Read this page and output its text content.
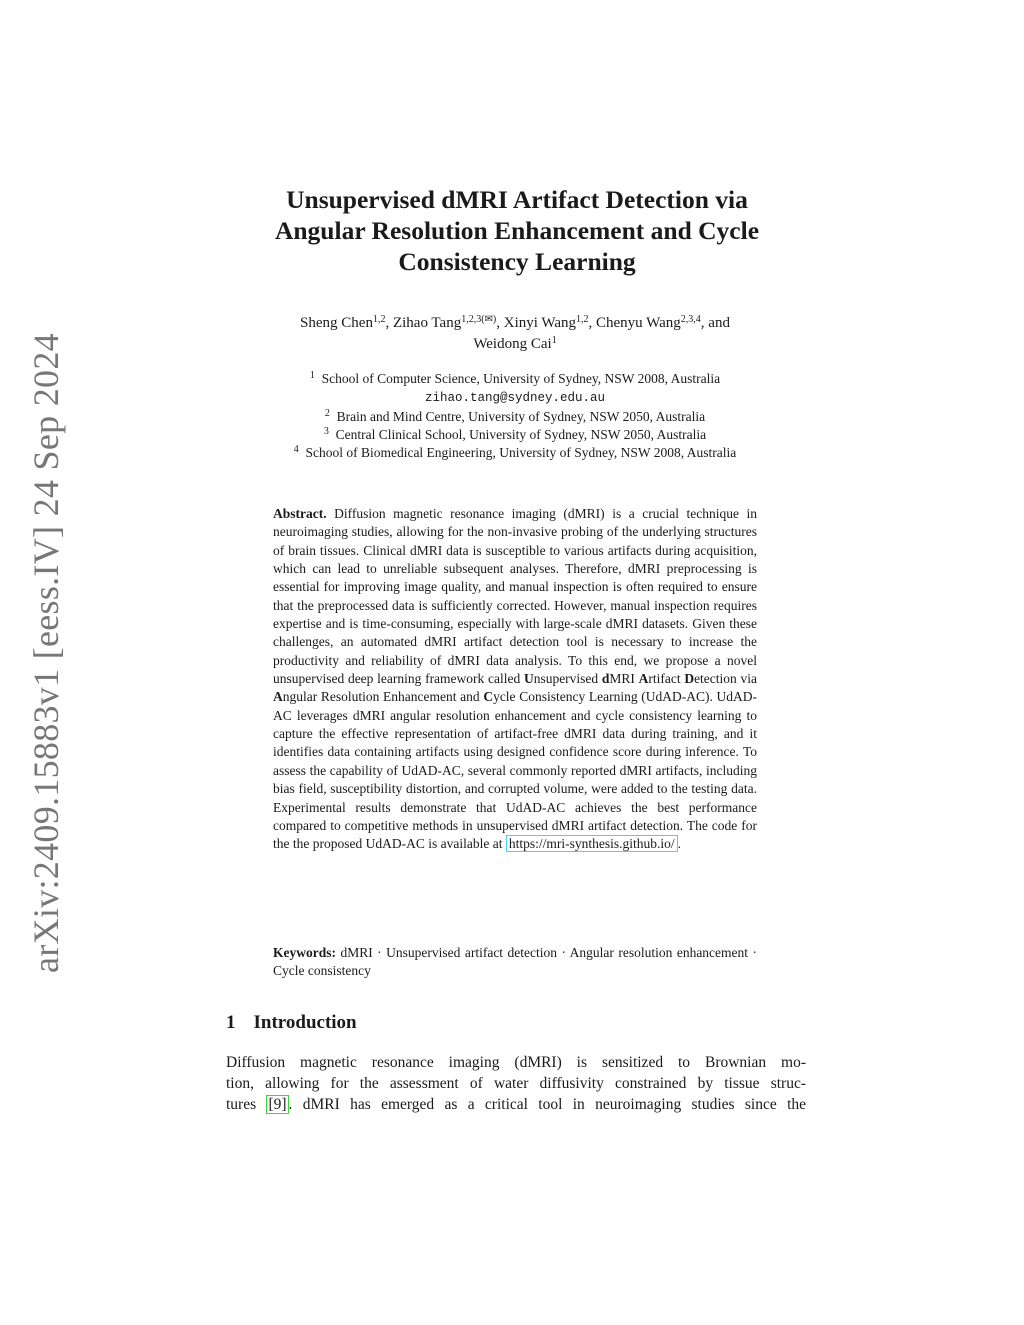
arXiv:2409.15883v1 [eess.IV] 24 Sep 2024
Unsupervised dMRI Artifact Detection via
Angular Resolution Enhancement and Cycle
Consistency Learning
Sheng Chen$^{1,2}$, Zihao Tang$^{1,2,3(✉)}$, Xinyi Wang$^{1,2}$, Chenyu Wang$^{2,3,4}$, and
Weidong Cai$^1$
$^1$ School of Computer Science, University of Sydney, NSW 2008, Australia
zihao.tang@sydney.edu.au
$^2$ Brain and Mind Centre, University of Sydney, NSW 2050, Australia
$^3$ Central Clinical School, University of Sydney, NSW 2050, Australia
$^4$ School of Biomedical Engineering, University of Sydney, NSW 2008, Australia

Abstract. Diffusion magnetic resonance imaging (dMRI) is a crucial technique in neuroimaging studies, allowing for the non-invasive probing of the underlying structures of brain tissues. Clinical dMRI data is susceptible to various artifacts during acquisition, which can lead to unreliable subsequent analyses. Therefore, dMRI preprocessing is essential for improving image quality, and manual inspection is often required to ensure that the preprocessed data is sufficiently corrected. However, manual inspection requires expertise and is time-consuming, especially with large-scale dMRI datasets. Given these challenges, an automated dMRI artifact detection tool is necessary to increase the productivity and reliability of dMRI data analysis. To this end, we propose a novel unsupervised deep learning framework called Unsupervised dMRI Artifact Detection via Angular Resolution Enhancement and Cycle Consistency Learning (UdAD-AC). UdAD-AC leverages dMRI angular resolution enhancement and cycle consistency learning to capture the effective representation of artifact-free dMRI data during training, and it identifies data containing artifacts using designed confidence score during inference. To assess the capability of UdAD-AC, several commonly reported dMRI artifacts, including bias field, susceptibility distortion, and corrupted volume, were added to the testing data. Experimental results demonstrate that UdAD-AC achieves the best performance compared to competitive methods in unsupervised dMRI artifact detection. The code for the the proposed UdAD-AC is available at https://mri-synthesis.github.io/ .

Keywords: dMRI · Unsupervised artifact detection · Angular resolution enhancement · Cycle consistency
1 Introduction
Diffusion magnetic resonance imaging (dMRI) is sensitized to Brownian mo-
tion, allowing for the assessment of water diffusivity constrained by tissue struc-
tures [9] . dMRI has emerged as a critical tool in neuroimaging studies since the
